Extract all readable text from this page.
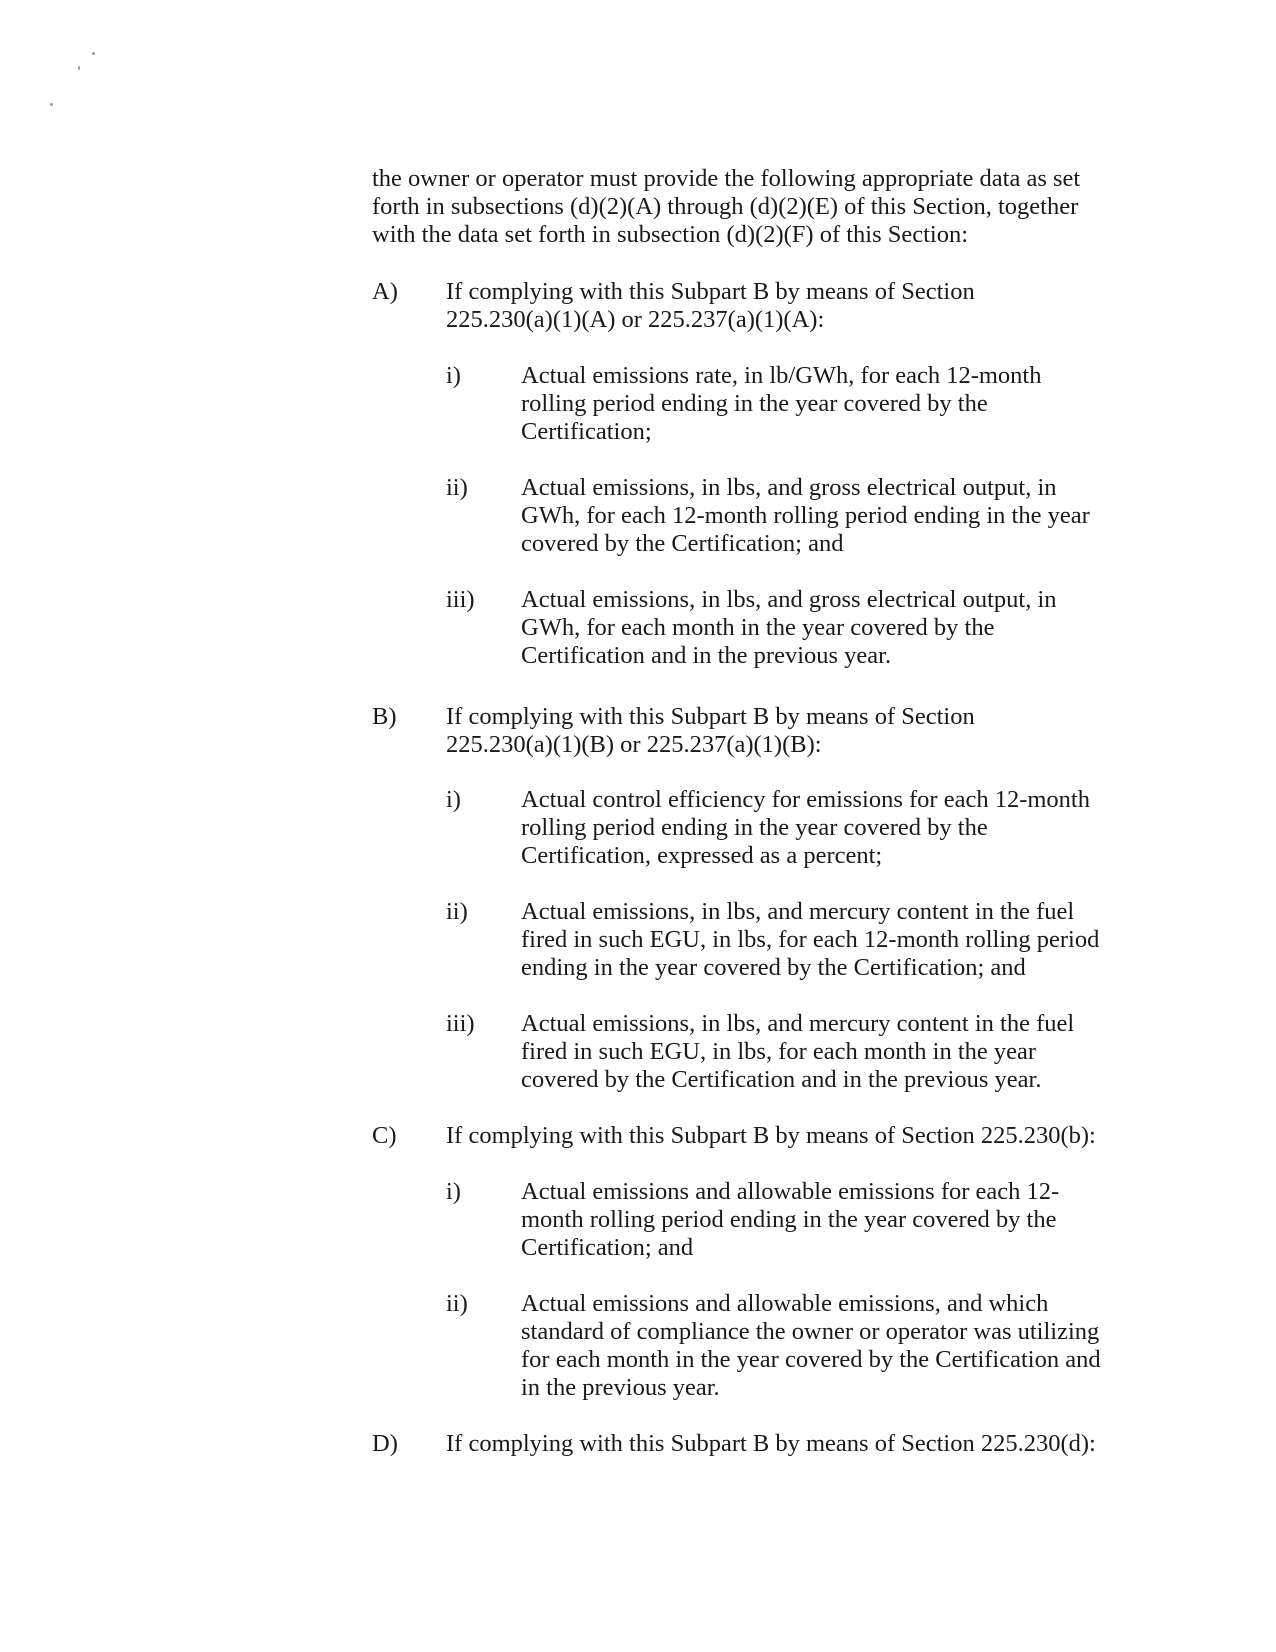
the owner or operator must provide the following appropriate data as set
forth in subsections (d)(2)(A) through (d)(2)(E) of this Section, together
with the data set forth in subsection (d)(2)(F) of this Section:

A) If complying with this Subpart B by means of Section
225.230(a)(1)(A) or 225.237(a)(1)(A):
i) Actual emissions rate, in lb/GWh, for each 12-month
rolling period ending in the year covered by the
Certification;
ii) Actual emissions, in lbs, and gross electrical output, in
GWh, for each 12-month rolling period ending in the year
covered by the Certification; and
iii) Actual emissions, in lbs, and gross electrical output, in
GWh, for each month in the year covered by the
Certification and in the previous year.
B) If complying with this Subpart B by means of Section
225.230(a)(1)(B) or 225.237(a)(1)(B):
i) Actual control efficiency for emissions for each 12-month
rolling period ending in the year covered by the
Certification, expressed as a percent;
ii) Actual emissions, in lbs, and mercury content in the fuel
fired in such EGU, in lbs, for each 12-month rolling period
ending in the year covered by the Certification; and
iii) Actual emissions, in lbs, and mercury content in the fuel
fired in such EGU, in lbs, for each month in the year
covered by the Certification and in the previous year.
C) If complying with this Subpart B by means of Section 225.230(b):
i) Actual emissions and allowable emissions for each 12-
month rolling period ending in the year covered by the
Certification; and
ii) Actual emissions and allowable emissions, and which
standard of compliance the owner or operator was utilizing
for each month in the year covered by the Certification and
in the previous year.
D) If complying with this Subpart B by means of Section 225.230(d):
